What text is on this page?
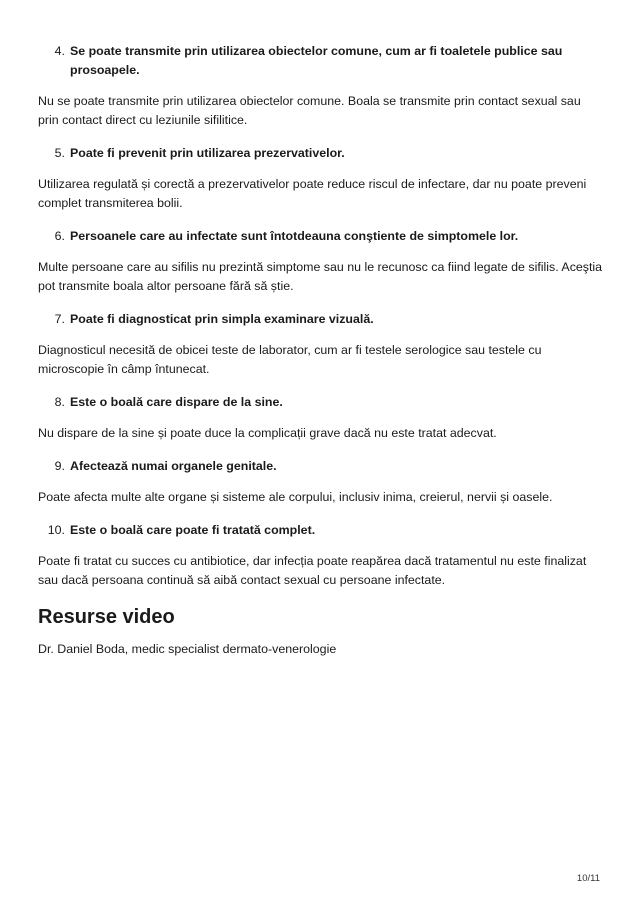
4. Se poate transmite prin utilizarea obiectelor comune, cum ar fi toaletele publice sau prosoapele.

Nu se poate transmite prin utilizarea obiectelor comune. Boala se transmite prin contact sexual sau prin contact direct cu leziunile sifilitice.

5. Poate fi prevenit prin utilizarea prezervativelor.

Utilizarea regulată și corectă a prezervativelor poate reduce riscul de infectare, dar nu poate preveni complet transmiterea bolii.

6. Persoanele care au infectate sunt întotdeauna conştiente de simptomele lor.

Multe persoane care au sifilis nu prezintă simptome sau nu le recunosc ca fiind legate de sifilis. Aceştia pot transmite boala altor persoane fără să știe.

7. Poate fi diagnosticat prin simpla examinare vizuală.

Diagnosticul necesită de obicei teste de laborator, cum ar fi testele serologice sau testele cu microscopie în câmp întunecat.

8. Este o boală care dispare de la sine.

Nu dispare de la sine și poate duce la complicații grave dacă nu este tratat adecvat.

9. Afectează numai organele genitale.

Poate afecta multe alte organe și sisteme ale corpului, inclusiv inima, creierul, nervii și oasele.

10. Este o boală care poate fi tratată complet.

Poate fi tratat cu succes cu antibiotice, dar infecția poate reapărea dacă tratamentul nu este finalizat sau dacă persoana continuă să aibă contact sexual cu persoane infectate.

Resurse video

Dr. Daniel Boda, medic specialist dermato-venerologie

10/11
